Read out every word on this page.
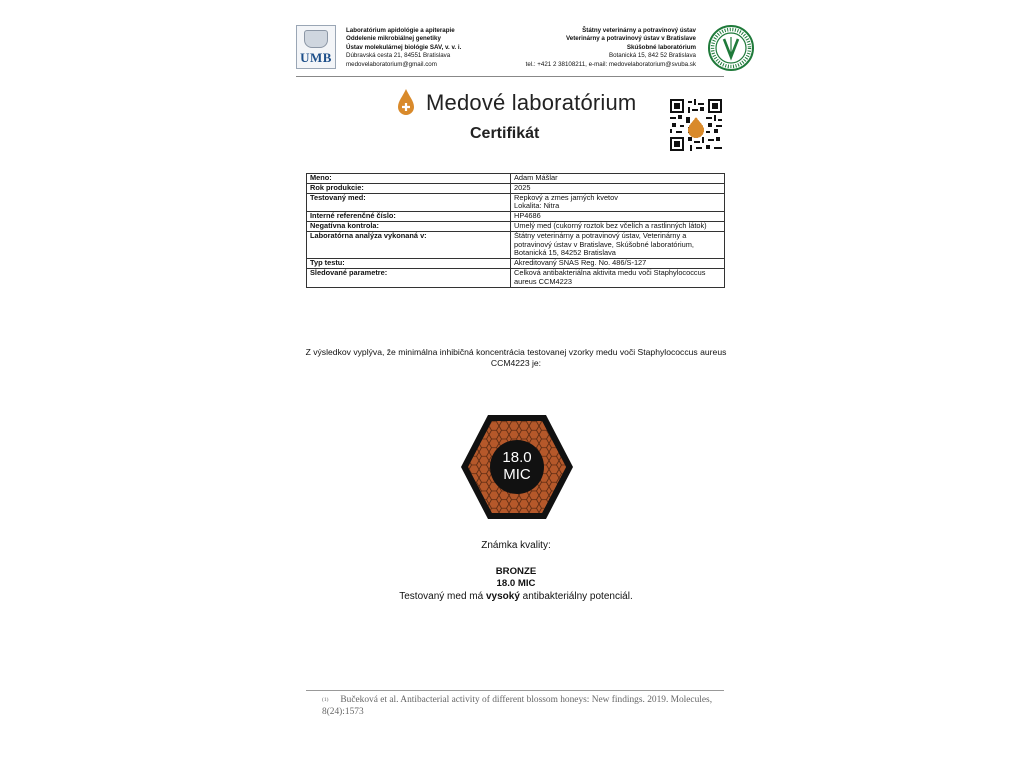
UMB
Laboratórium apidológie a apiterapie
Oddelenie mikrobiálnej genetiky
Ústav molekulárnej biológie SAV, v. v. i.
Dúbravská cesta 21, 84551 Bratislava
medovelaboratorium@gmail.com
Štátny veterinárny a potravinový ústav
Veterinárny a potravinový ústav v Bratislave
Skúšobné laboratórium
Botanická 15, 842 52 Bratislava
tel.: +421 2 38108211, e-mail: medovelaboratorium@svuba.sk
Medové laboratórium
Certifikát
Meno:	Adam Mášlar
Rok produkcie:	2025
Testovaný med:	Repkový a zmes jarných kvetov
Lokalita: Nitra
Interné referenčné číslo:	HP4686
Negatívna kontrola:	Umelý med (cukorný roztok bez včelích a rastlinných látok)
Laboratórna analýza vykonaná v:	Štátny veterinárny a potravinový ústav, Veterinárny a potravinový ústav v Bratislave, Skúšobné laboratórium, Botanická 15, 84252 Bratislava
Typ testu:	Akreditovaný SNAS Reg. No. 486/S-127
Sledované parametre:	Celková antibakteriálna aktivita medu voči Staphylococcus aureus CCM4223
Z výsledkov vyplýva, že minimálna inhibičná koncentrácia testovanej vzorky medu voči Staphylococcus aureus CCM4223 je:
18.0
MIC
Známka kvality:
BRONZE
18.0 MIC
Testovaný med má vysoký antibakteriálny potenciál.
$^{(1)}$ Bučeková et al. Antibacterial activity of different blossom honeys: New findings. 2019. Molecules, 8(24):1573
